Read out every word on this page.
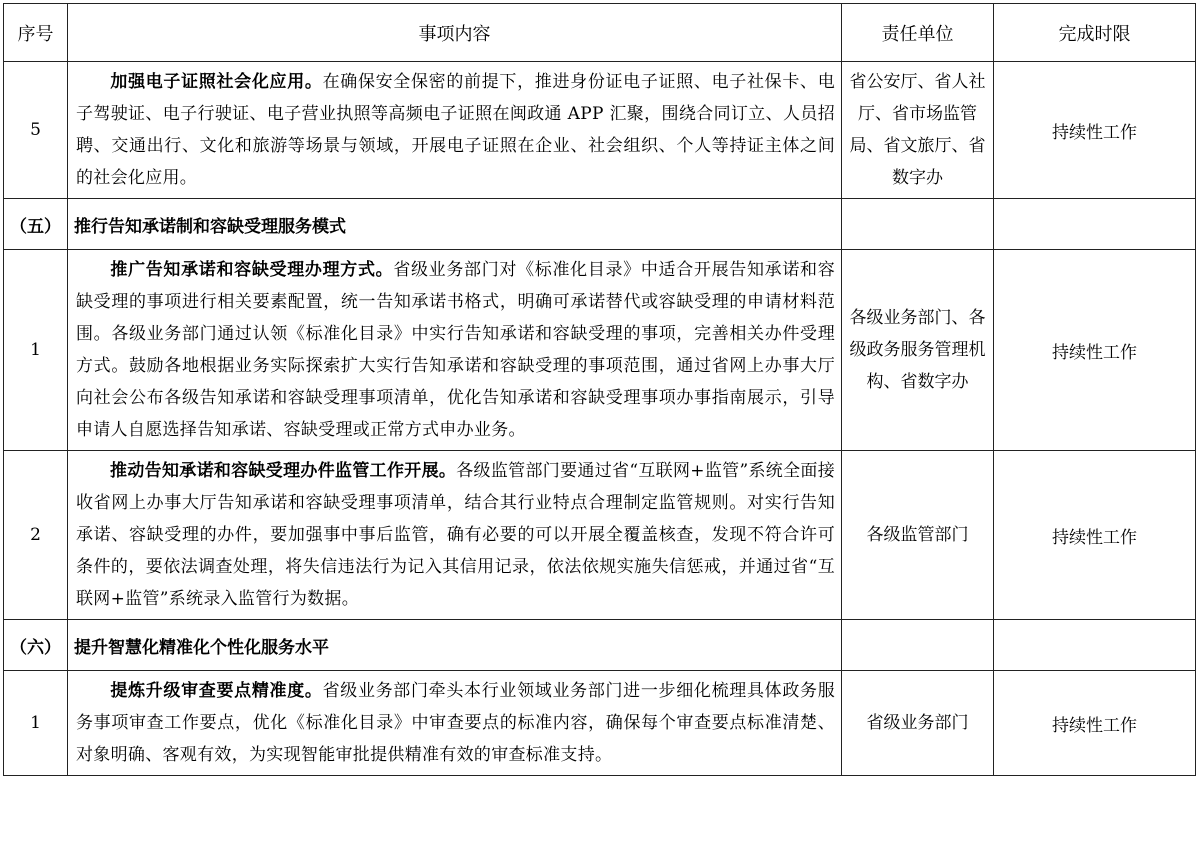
序号	事项内容	责任单位	完成时限
5	加强电子证照社会化应用。在确保安全保密的前提下，推进身份证电子证照、电子社保卡、电子驾驶证、电子行驶证、电子营业执照等高频电子证照在闽政通 APP 汇聚，围绕合同订立、人员招聘、交通出行、文化和旅游等场景与领域，开展电子证照在企业、社会组织、个人等持证主体之间的社会化应用。	省公安厅、省人社厅、省市场监管局、省文旅厅、省数字办	持续性工作
（五）	推行告知承诺制和容缺受理服务模式		
1	推广告知承诺和容缺受理办理方式。省级业务部门对《标准化目录》中适合开展告知承诺和容缺受理的事项进行相关要素配置，统一告知承诺书格式，明确可承诺替代或容缺受理的申请材料范围。各级业务部门通过认领《标准化目录》中实行告知承诺和容缺受理的事项，完善相关办件受理方式。鼓励各地根据业务实际探索扩大实行告知承诺和容缺受理的事项范围，通过省网上办事大厅向社会公布各级告知承诺和容缺受理事项清单，优化告知承诺和容缺受理事项办事指南展示，引导申请人自愿选择告知承诺、容缺受理或正常方式申办业务。	各级业务部门、各级政务服务管理机构、省数字办	持续性工作
2	推动告知承诺和容缺受理办件监管工作开展。各级监管部门要通过省“互联网+监管”系统全面接收省网上办事大厅告知承诺和容缺受理事项清单，结合其行业特点合理制定监管规则。对实行告知承诺、容缺受理的办件，要加强事中事后监管，确有必要的可以开展全覆盖核查，发现不符合许可条件的，要依法调查处理，将失信违法行为记入其信用记录，依法依规实施失信惩戒，并通过省“互联网+监管”系统录入监管行为数据。	各级监管部门	持续性工作
（六）	提升智慧化精准化个性化服务水平		
1	提炼升级审查要点精准度。省级业务部门牵头本行业领域业务部门进一步细化梳理具体政务服务事项审查工作要点，优化《标准化目录》中审查要点的标准内容，确保每个审查要点标准清楚、对象明确、客观有效，为实现智能审批提供精准有效的审查标准支持。	省级业务部门	持续性工作
